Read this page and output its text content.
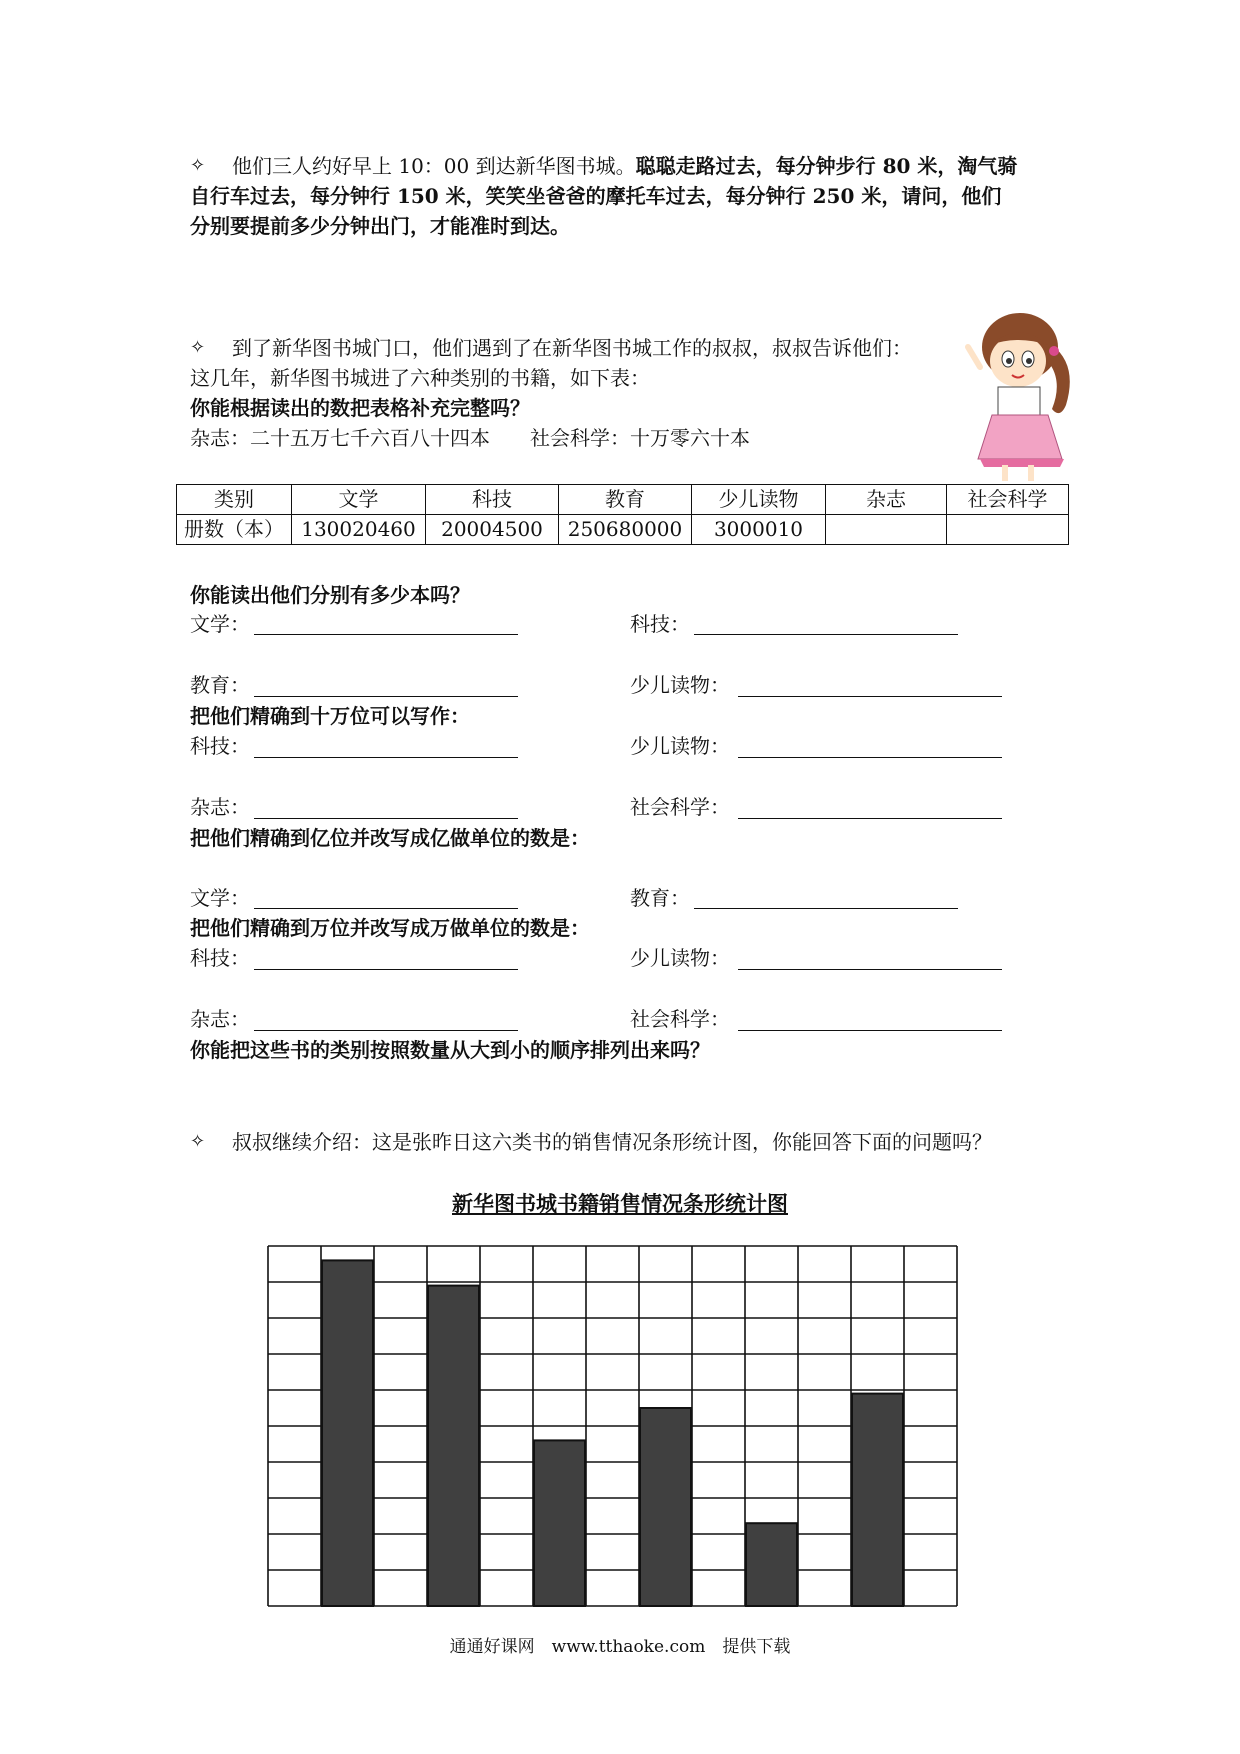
✧ 他们三人约好早上 10：00 到达新华图书城。聪聪走路过去，每分钟步行 80 米，淘气骑
自行车过去，每分钟行 150 米，笑笑坐爸爸的摩托车过去，每分钟行 250 米，请问，他们
分别要提前多少分钟出门，才能准时到达。
✧ 到了新华图书城门口，他们遇到了在新华图书城工作的叔叔，叔叔告诉他们：
这几年，新华图书城进了六种类别的书籍，如下表：
你能根据读出的数把表格补充完整吗？
杂志：二十五万七千六百八十四本　　社会科学：十万零六十本
类别	文学	科技	教育	少儿读物	杂志	社会科学
册数（本）	130020460	20004500	250680000	3000010		
你能读出他们分别有多少本吗？
文学：	科技：
教育：	少儿读物：
把他们精确到十万位可以写作：
科技：	少儿读物：
杂志：	社会科学：
把他们精确到亿位并改写成亿做单位的数是：
文学：	教育：
把他们精确到万位并改写成万做单位的数是：
科技：	少儿读物：
杂志：	社会科学：
你能把这些书的类别按照数量从大到小的顺序排列出来吗？
✧ 叔叔继续介绍：这是张昨日这六类书的销售情况条形统计图，你能回答下面的问题吗？
新华图书城书籍销售情况条形统计图
通通好课网　www.tthaoke.com　提供下载
